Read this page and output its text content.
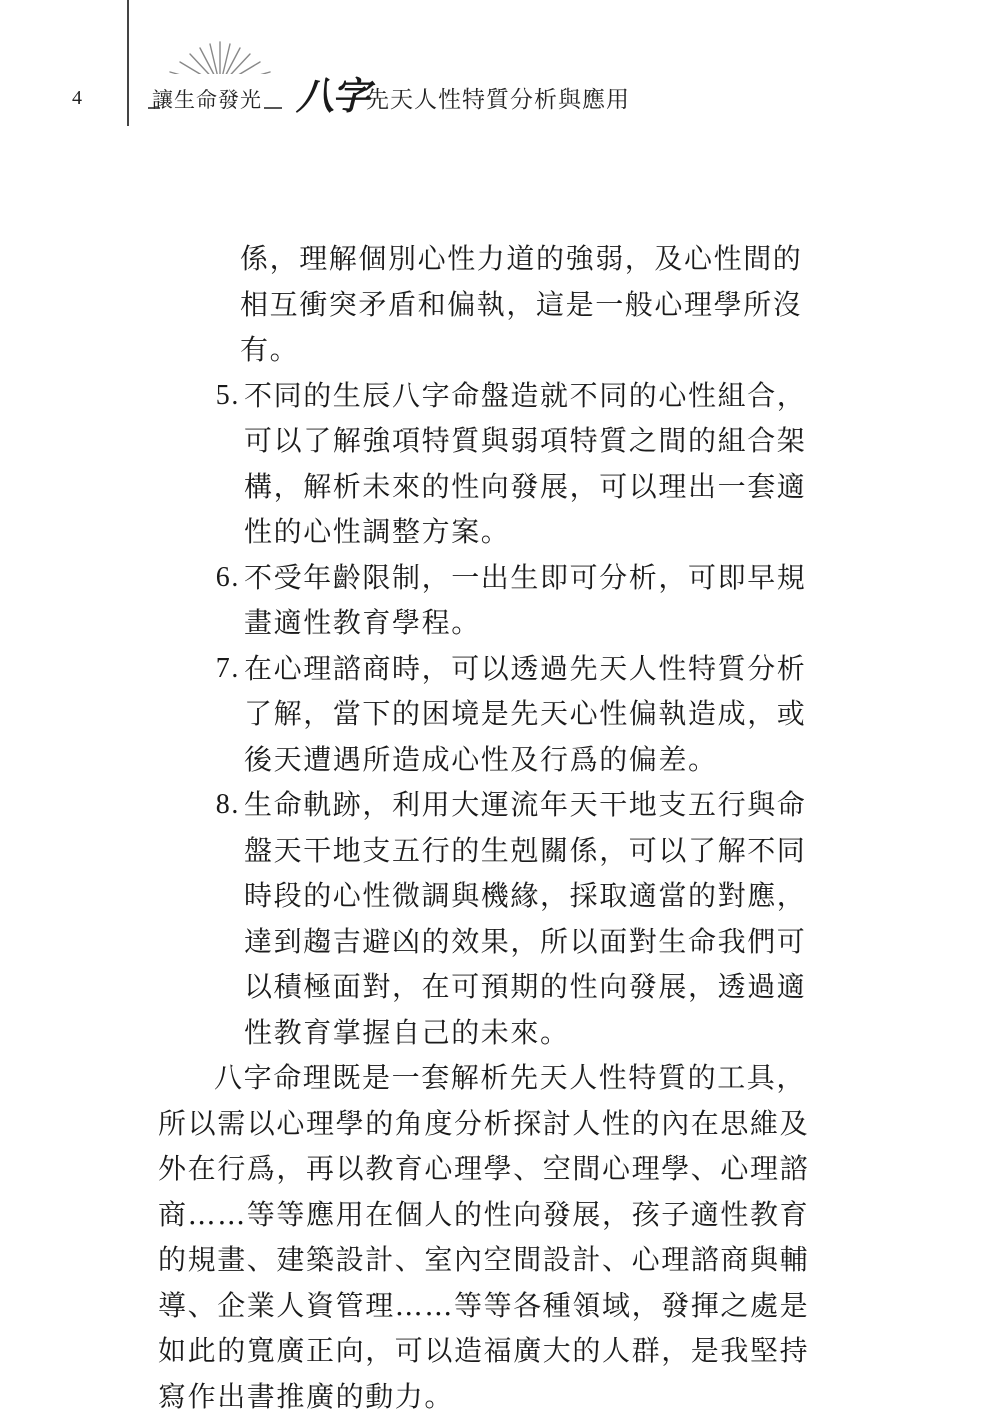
4	讓生命發光 八字
先天人性特質分析與應用

係，理解個別心性力道的強弱，及心性間的相互衝突矛盾和偏執，這是一般心理學所沒有。

5. 不同的生辰八字命盤造就不同的心性組合，可以了解強項特質與弱項特質之間的組合架構，解析未來的性向發展，可以理出一套適性的心性調整方案。
6. 不受年齡限制，一出生即可分析，可即早規畫適性教育學程。
7. 在心理諮商時，可以透過先天人性特質分析了解，當下的困境是先天心性偏執造成，或後天遭遇所造成心性及行爲的偏差。
8. 生命軌跡，利用大運流年天干地支五行與命盤天干地支五行的生剋關係，可以了解不同時段的心性微調與機緣，採取適當的對應，達到趨吉避凶的效果，所以面對生命我們可以積極面對，在可預期的性向發展，透過適性教育掌握自己的未來。

八字命理既是一套解析先天人性特質的工具，所以需以心理學的角度分析探討人性的內在思維及外在行爲，再以教育心理學、空間心理學、心理諮商……等等應用在個人的性向發展，孩子適性教育的規畫、建築設計、室內空間設計、心理諮商與輔導、企業人資管理……等等各種領域，發揮之處是如此的寬廣正向，可以造福廣大的人群，是我堅持寫作出書推廣的動力。
